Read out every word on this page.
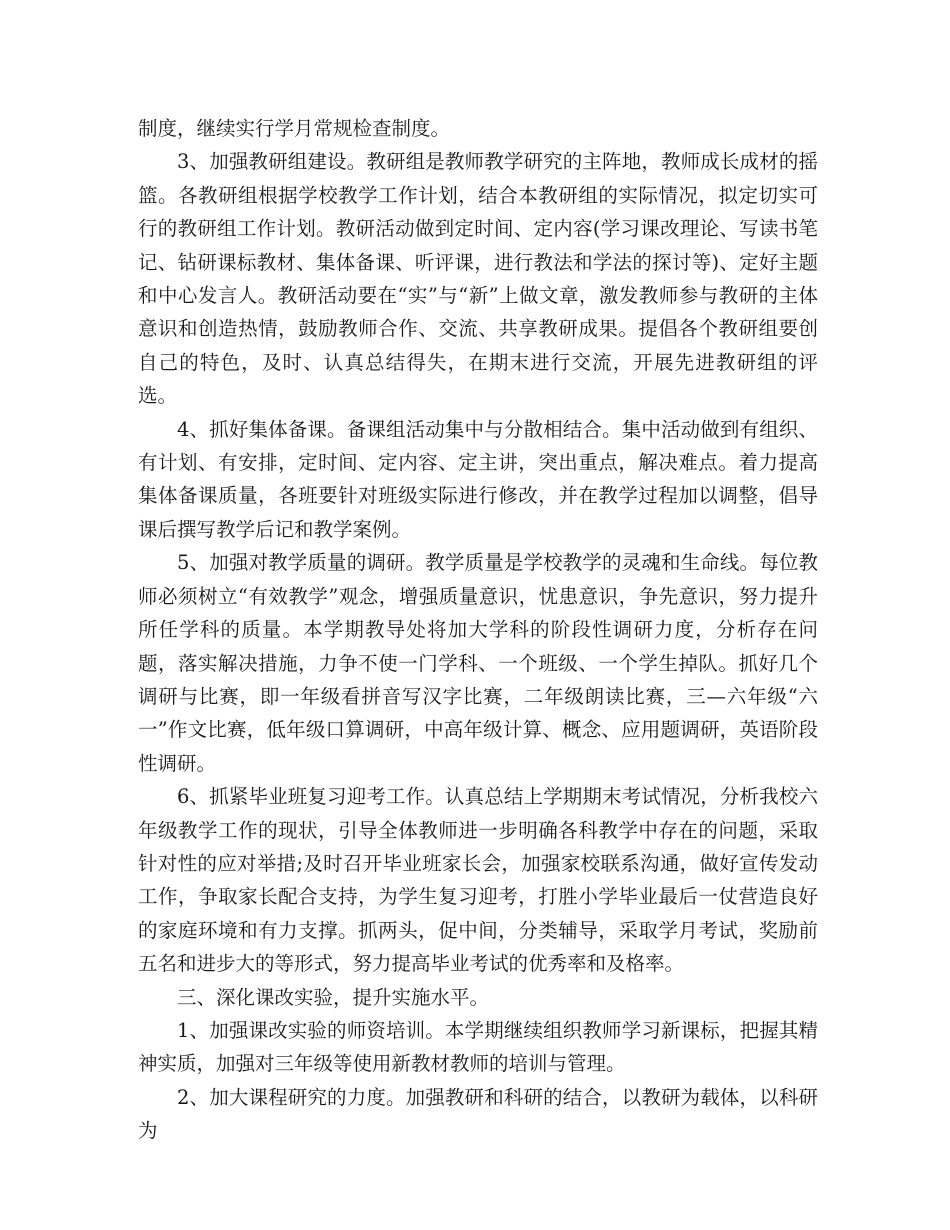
制度，继续实行学月常规检查制度。

3、加强教研组建设。教研组是教师教学研究的主阵地，教师成长成材的摇篮。各教研组根据学校教学工作计划，结合本教研组的实际情况，拟定切实可行的教研组工作计划。教研活动做到定时间、定内容(学习课改理论、写读书笔记、钻研课标教材、集体备课、听评课，进行教法和学法的探讨等)、定好主题和中心发言人。教研活动要在“实”与“新”上做文章，激发教师参与教研的主体意识和创造热情，鼓励教师合作、交流、共享教研成果。提倡各个教研组要创自己的特色，及时、认真总结得失，在期末进行交流，开展先进教研组的评选。

4、抓好集体备课。备课组活动集中与分散相结合。集中活动做到有组织、有计划、有安排，定时间、定内容、定主讲，突出重点，解决难点。着力提高集体备课质量，各班要针对班级实际进行修改，并在教学过程加以调整，倡导课后撰写教学后记和教学案例。

5、加强对教学质量的调研。教学质量是学校教学的灵魂和生命线。每位教师必须树立“有效教学”观念，增强质量意识，忧患意识，争先意识，努力提升所任学科的质量。本学期教导处将加大学科的阶段性调研力度，分析存在问题，落实解决措施，力争不使一门学科、一个班级、一个学生掉队。抓好几个调研与比赛，即一年级看拼音写汉字比赛，二年级朗读比赛，三—六年级“六一”作文比赛，低年级口算调研，中高年级计算、概念、应用题调研，英语阶段性调研。

6、抓紧毕业班复习迎考工作。认真总结上学期期末考试情况，分析我校六年级教学工作的现状，引导全体教师进一步明确各科教学中存在的问题，采取针对性的应对举措;及时召开毕业班家长会，加强家校联系沟通，做好宣传发动工作，争取家长配合支持，为学生复习迎考，打胜小学毕业最后一仗营造良好的家庭环境和有力支撑。抓两头，促中间，分类辅导，采取学月考试，奖励前五名和进步大的等形式，努力提高毕业考试的优秀率和及格率。

三、深化课改实验，提升实施水平。

1、加强课改实验的师资培训。本学期继续组织教师学习新课标，把握其精神实质，加强对三年级等使用新教材教师的培训与管理。

2、加大课程研究的力度。加强教研和科研的结合，以教研为载体，以科研为
